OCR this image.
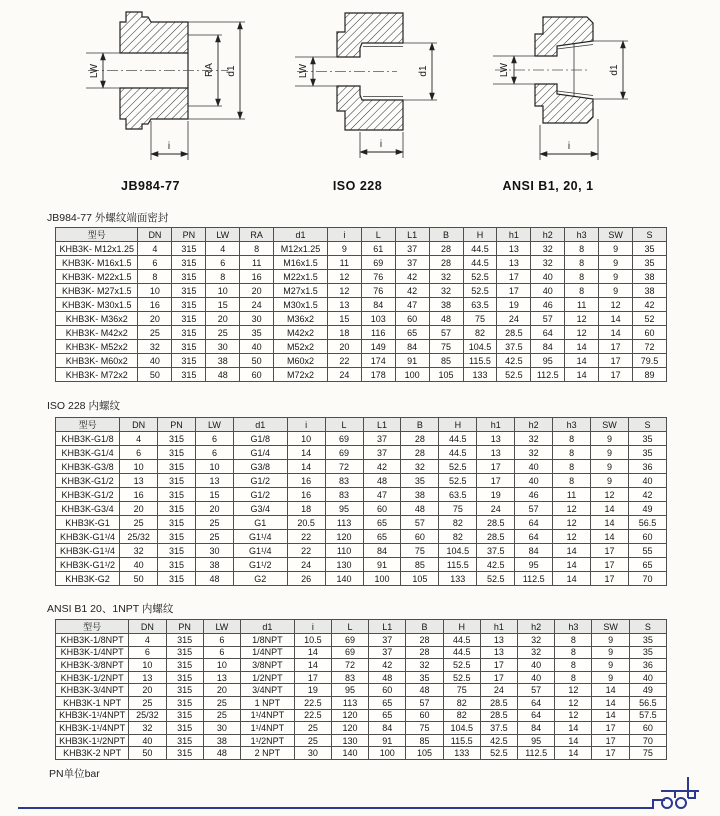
LW	RA d1
i
JB984-77
LW	d1
i
ISO 228
LW	d1
i
ANSI B1, 20, 1
JB984-77 外螺纹端面密封
型号	DN	PN	LW	RA	d1	i	L	L1	B	H	h1	h2	h3	SW	S
KHB3K- M12x1.25	4	315	4	8	M12x1.25	9	61	37	28	44.5	13	32	8	9	35
KHB3K- M16x1.5	6	315	6	11	M16x1.5	11	69	37	28	44.5	13	32	8	9	35
KHB3K- M22x1.5	8	315	8	16	M22x1.5	12	76	42	32	52.5	17	40	8	9	38
KHB3K- M27x1.5	10	315	10	20	M27x1.5	12	76	42	32	52.5	17	40	8	9	38
KHB3K- M30x1.5	16	315	15	24	M30x1.5	13	84	47	38	63.5	19	46	11	12	42
KHB3K- M36x2	20	315	20	30	M36x2	15	103	60	48	75	24	57	12	14	52
KHB3K- M42x2	25	315	25	35	M42x2	18	116	65	57	82	28.5	64	12	14	60
KHB3K- M52x2	32	315	30	40	M52x2	20	149	84	75	104.5	37.5	84	14	17	72
KHB3K- M60x2	40	315	38	50	M60x2	22	174	91	85	115.5	42.5	95	14	17	79.5
KHB3K- M72x2	50	315	48	60	M72x2	24	178	100	105	133	52.5	112.5	14	17	89
ISO 228 内螺纹
型号	DN	PN	LW	d1	i	L	L1	B	H	h1	h2	h3	SW	S
KHB3K-G1/8	4	315	6	G1/8	10	69	37	28	44.5	13	32	8	9	35
KHB3K-G1/4	6	315	6	G1/4	14	69	37	28	44.5	13	32	8	9	35
KHB3K-G3/8	10	315	10	G3/8	14	72	42	32	52.5	17	40	8	9	36
KHB3K-G1/2	13	315	13	G1/2	16	83	48	35	52.5	17	40	8	9	40
KHB3K-G1/2	16	315	15	G1/2	16	83	47	38	63.5	19	46	11	12	42
KHB3K-G3/4	20	315	20	G3/4	18	95	60	48	75	24	57	12	14	49
KHB3K-G1	25	315	25	G1	20.5	113	65	57	82	28.5	64	12	14	56.5
KHB3K-G1¹/4	25/32	315	25	G1¹/4	22	120	65	60	82	28.5	64	12	14	60
KHB3K-G1¹/4	32	315	30	G1¹/4	22	110	84	75	104.5	37.5	84	14	17	55
KHB3K-G1¹/2	40	315	38	G1¹/2	24	130	91	85	115.5	42.5	95	14	17	65
KHB3K-G2	50	315	48	G2	26	140	100	105	133	52.5	112.5	14	17	70
ANSI B1 20、1NPT 内螺纹
型号	DN	PN	LW	d1	i	L	L1	B	H	h1	h2	h3	SW	S
KHB3K-1/8NPT	4	315	6	1/8NPT	10.5	69	37	28	44.5	13	32	8	9	35
KHB3K-1/4NPT	6	315	6	1/4NPT	14	69	37	28	44.5	13	32	8	9	35
KHB3K-3/8NPT	10	315	10	3/8NPT	14	72	42	32	52.5	17	40	8	9	36
KHB3K-1/2NPT	13	315	13	1/2NPT	17	83	48	35	52.5	17	40	8	9	40
KHB3K-3/4NPT	20	315	20	3/4NPT	19	95	60	48	75	24	57	12	14	49
KHB3K-1 NPT	25	315	25	1 NPT	22.5	113	65	57	82	28.5	64	12	14	56.5
KHB3K-1¹/4NPT	25/32	315	25	1¹/4NPT	22.5	120	65	60	82	28.5	64	12	14	57.5
KHB3K-1¹/4NPT	32	315	30	1¹/4NPT	25	120	84	75	104.5	37.5	84	14	17	60
KHB3K-1¹/2NPT	40	315	38	1¹/2NPT	25	130	91	85	115.5	42.5	95	14	17	70
KHB3K-2 NPT	50	315	48	2 NPT	30	140	100	105	133	52.5	112.5	14	17	75
PN单位bar
